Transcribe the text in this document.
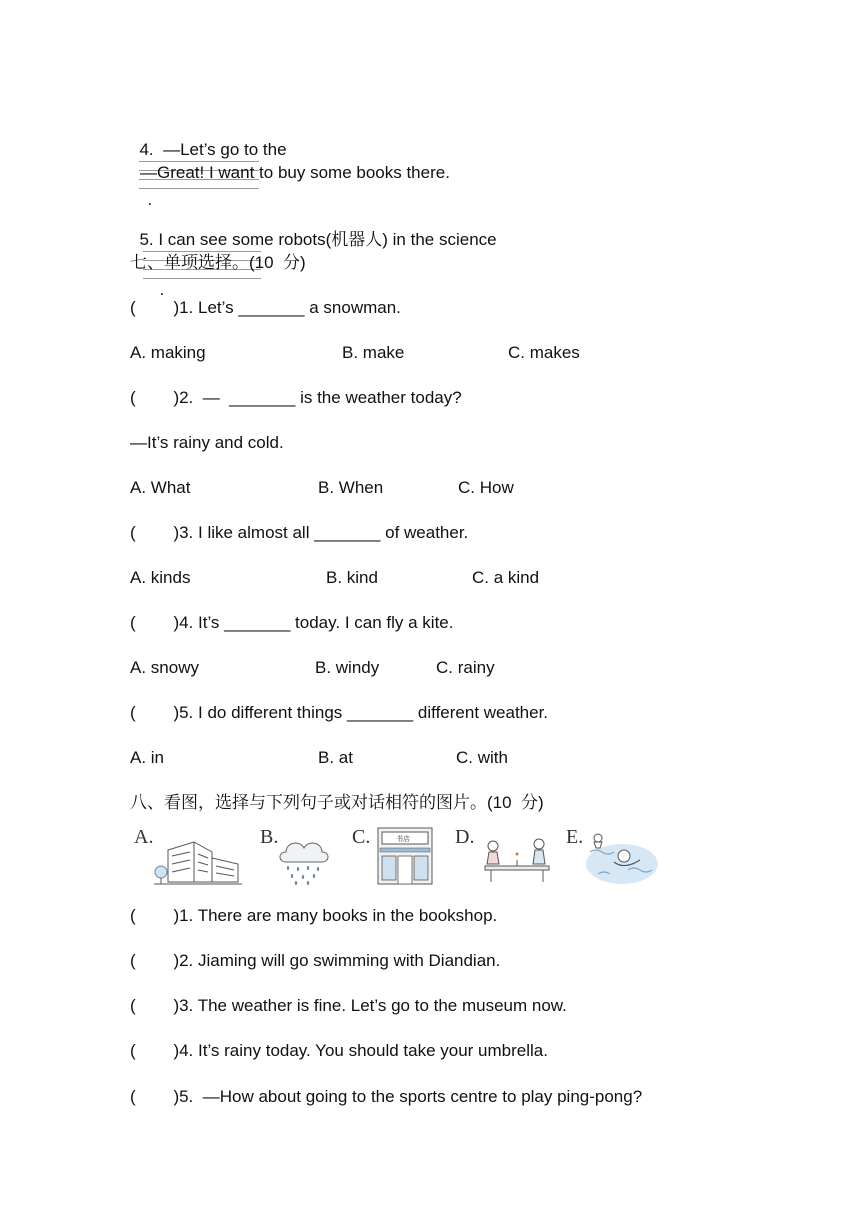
4.  —Let’s go to the

.

—Great! I want to buy some books there.

5. I can see some robots(机器人) in the science

.

七、单项选择。(10  分)
(        )1. Let’s _______ a snowman.
A. making	B. make	C. makes
(        )2.  —  _______ is the weather today?
—It’s rainy and cold.
A. What	B. When	C. How
(        )3. I like almost all _______ of weather.
A. kinds	B. kind	C. a kind
(        )4. It’s _______ today. I can fly a kite.
A. snowy	B. windy	C. rainy
(        )5. I do different things _______ different weather.
A. in	B. at	C. with
八、看图，选择与下列句子或对话相符的图片。(10  分)
A.	B.	C.	书店 D.	E.
(        )1. There are many books in the bookshop.
(        )2. Jiaming will go swimming with Diandian.
(        )3. The weather is fine. Let’s go to the museum now.
(        )4. It’s rainy today. You should take your umbrella.
(        )5.  —How about going to the sports centre to play ping-pong?
